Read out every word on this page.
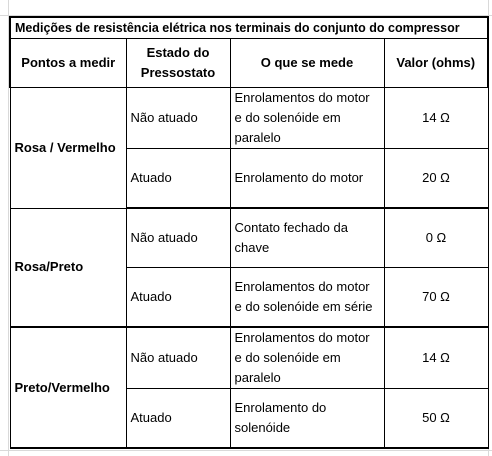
Medições de resistência elétrica nos terminais do conjunto do compressor			
Pontos a medir	Estado do Pressostato	O que se mede	Valor (ohms)
Rosa / Vermelho	Não atuado	Enrolamentos do motor e do solenóide em paralelo	14 Ω
	Atuado	Enrolamento do motor	20 Ω
Rosa/Preto	Não atuado	Contato fechado da chave	0 Ω
	Atuado	Enrolamentos do motor e do solenóide em série	70 Ω
Preto/Vermelho	Não atuado	Enrolamentos do motor e do solenóide em paralelo	14 Ω
	Atuado	Enrolamento do solenóide	50 Ω
